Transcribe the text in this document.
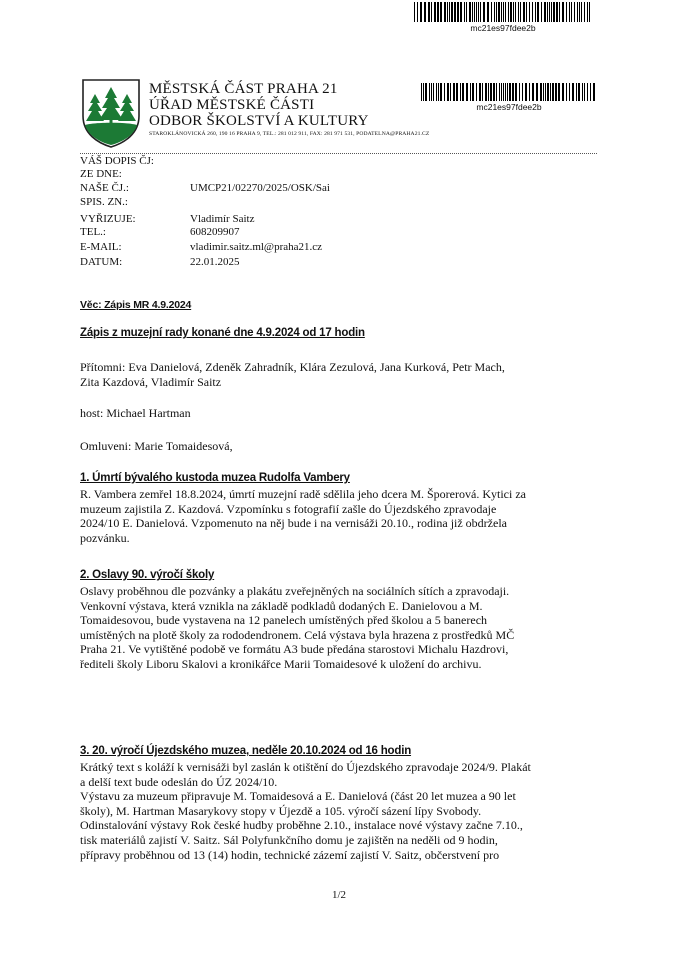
mc21es97fdee2b
MĚSTSKÁ ČÁST PRAHA 21
ÚŘAD MĚSTSKÉ ČÁSTI
ODBOR ŠKOLSTVÍ A KULTURY
STAROKLÁNOVICKÁ 260, 190 16 PRAHA 9, TEL.: 281 012 911, FAX: 281 971 531, PODATELNA@PRAHA21.CZ
mc21es97fdee2b
VÁŠ DOPIS ČJ:
ZE DNE:
NAŠE ČJ.:	UMCP21/02270/2025/OSK/Sai
SPIS. ZN.:
VYŘIZUJE:	Vladimír Saitz
TEL.:	608209907
E-MAIL:	vladimir.saitz.ml@praha21.cz
DATUM:	22.01.2025
Věc: Zápis MR 4.9.2024
Zápis z muzejní rady konané dne 4.9.2024 od 17 hodin
Přítomni: Eva Danielová, Zdeněk Zahradník, Klára Zezulová, Jana Kurková, Petr Mach,
Zita Kazdová, Vladimír Saitz
host: Michael Hartman
Omluveni: Marie Tomaidesová,
1. Úmrtí bývalého kustoda muzea Rudolfa Vambery
R. Vambera zemřel 18.8.2024, úmrtí muzejní radě sdělila jeho dcera M. Šporerová. Kytici za
muzeum zajistila Z. Kazdová. Vzpomínku s fotografií zašle do Újezdského zpravodaje
2024/10 E. Danielová. Vzpomenuto na něj bude i na vernisáži 20.10., rodina již obdržela
pozvánku.
2. Oslavy 90. výročí školy
Oslavy proběhnou dle pozvánky a plakátu zveřejněných na sociálních sítích a zpravodaji.
Venkovní výstava, která vznikla na základě podkladů dodaných E. Danielovou a M.
Tomaidesovou, bude vystavena na 12 panelech umístěných před školou a 5 banerech
umístěných na plotě školy za rododendronem. Celá výstava byla hrazena z prostředků MČ
Praha 21. Ve vytištěné podobě ve formátu A3 bude předána starostovi Michalu Hazdrovi,
řediteli školy Liboru Skalovi a kronikářce Marii Tomaidesové k uložení do archivu.
3. 20. výročí Újezdského muzea, neděle 20.10.2024 od 16 hodin
Krátký text s koláží k vernisáži byl zaslán k otištění do Újezdského zpravodaje 2024/9. Plakát
a delší text bude odeslán do ÚZ 2024/10.
Výstavu za muzeum připravuje M. Tomaidesová a E. Danielová (část 20 let muzea a 90 let
školy), M. Hartman Masarykovy stopy v Újezdě a 105. výročí sázení lípy Svobody.
Odinstalování výstavy Rok české hudby proběhne 2.10., instalace nové výstavy začne 7.10.,
tisk materiálů zajistí V. Saitz. Sál Polyfunkčního domu je zajištěn na neděli od 9 hodin,
přípravy proběhnou od 13 (14) hodin, technické zázemí zajistí V. Saitz, občerstvení pro
1/2
